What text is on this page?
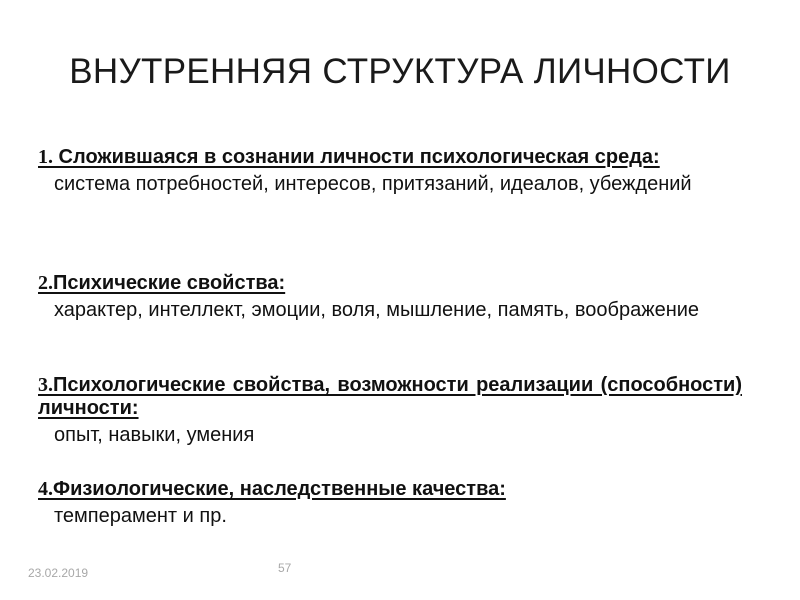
ВНУТРЕННЯЯ СТРУКТУРА ЛИЧНОСТИ
1. Сложившаяся в сознании личности психологическая среда:
система потребностей, интересов, притязаний, идеалов, убеждений
2.Психические свойства:
характер, интеллект, эмоции, воля, мышление, память, воображение
3.Психологические свойства, возможности реализации (способности) личности:
опыт, навыки, умения
4.Физиологические, наследственные качества:
темперамент и пр.
23.02.2019	57
